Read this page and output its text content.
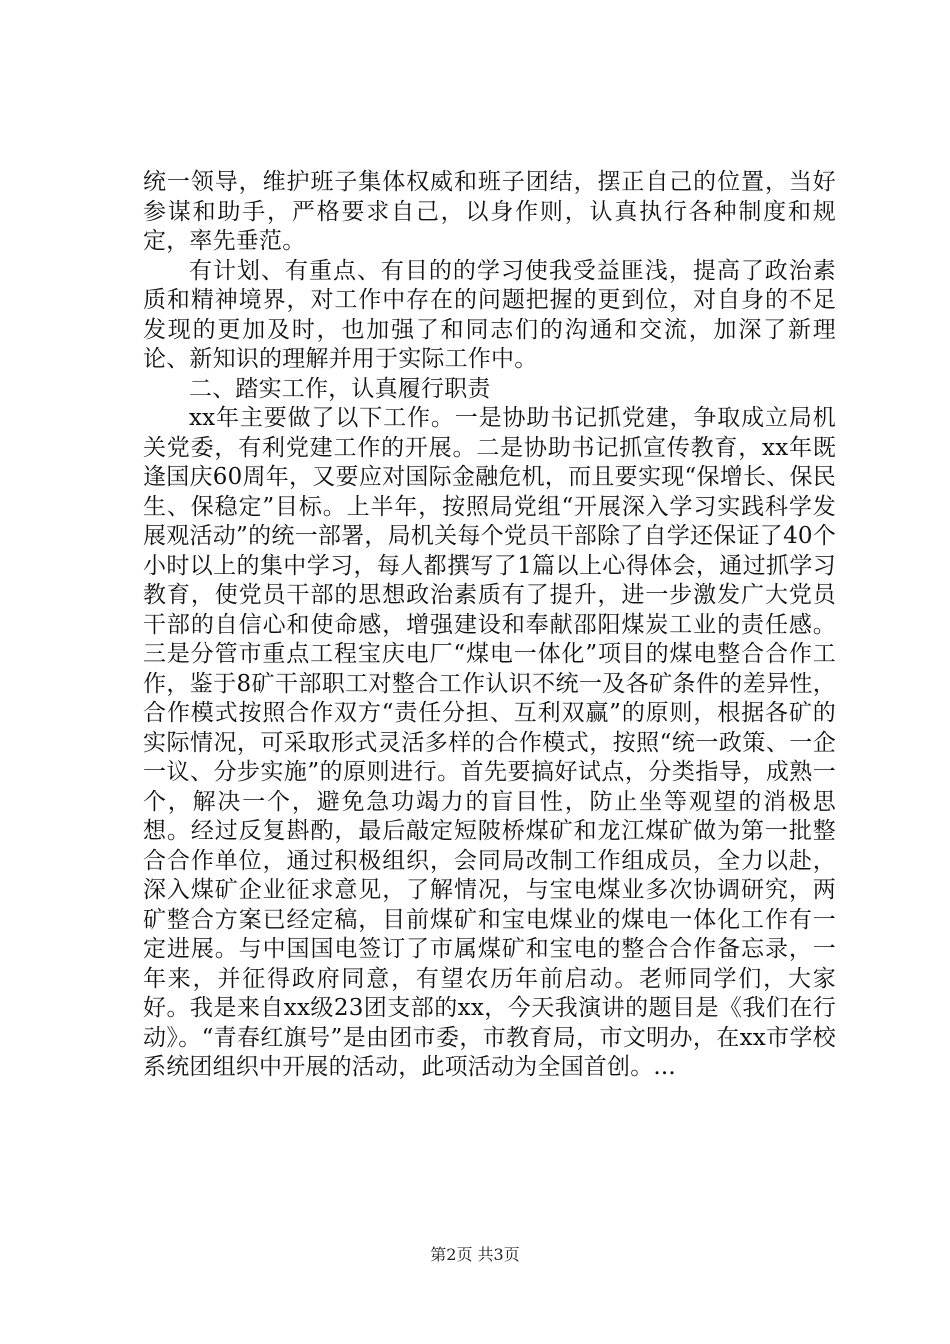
统一领导，维护班子集体权威和班子团结，摆正自己的位置，当好参谋和助手，严格要求自己，以身作则，认真执行各种制度和规定，率先垂范。

有计划、有重点、有目的的学习使我受益匪浅，提高了政治素质和精神境界，对工作中存在的问题把握的更到位，对自身的不足发现的更加及时，也加强了和同志们的沟通和交流，加深了新理论、新知识的理解并用于实际工作中。

二、踏实工作，认真履行职责

xx年主要做了以下工作。一是协助书记抓党建，争取成立局机关党委，有利党建工作的开展。二是协助书记抓宣传教育，xx年既逢国庆60周年，又要应对国际金融危机，而且要实现“保增长、保民生、保稳定”目标。上半年，按照局党组“开展深入学习实践科学发展观活动”的统一部署，局机关每个党员干部除了自学还保证了40个小时以上的集中学习，每人都撰写了1篇以上心得体会，通过抓学习教育，使党员干部的思想政治素质有了提升，进一步激发广大党员干部的自信心和使命感，增强建设和奉献邵阳煤炭工业的责任感。三是分管市重点工程宝庆电厂“煤电一体化”项目的煤电整合合作工作，鉴于8矿干部职工对整合工作认识不统一及各矿条件的差异性，合作模式按照合作双方“责任分担、互利双赢”的原则，根据各矿的实际情况，可采取形式灵活多样的合作模式，按照“统一政策、一企一议、分步实施”的原则进行。首先要搞好试点，分类指导，成熟一个，解决一个，避免急功竭力的盲目性，防止坐等观望的消极思想。经过反复斟酌，最后敲定短陂桥煤矿和龙江煤矿做为第一批整合合作单位，通过积极组织，会同局改制工作组成员，全力以赴，深入煤矿企业征求意见，了解情况，与宝电煤业多次协调研究，两矿整合方案已经定稿，目前煤矿和宝电煤业的煤电一体化工作有一定进展。与中国国电签订了市属煤矿和宝电的整合合作备忘录，一年来，并征得政府同意，有望农历年前启动。老师同学们，大家好。我是来自xx级23团支部的xx，今天我演讲的题目是《我们在行动》。“青春红旗号”是由团市委，市教育局，市文明办，在xx市学校系统团组织中开展的活动，此项活动为全国首创。...

第2页 共3页
